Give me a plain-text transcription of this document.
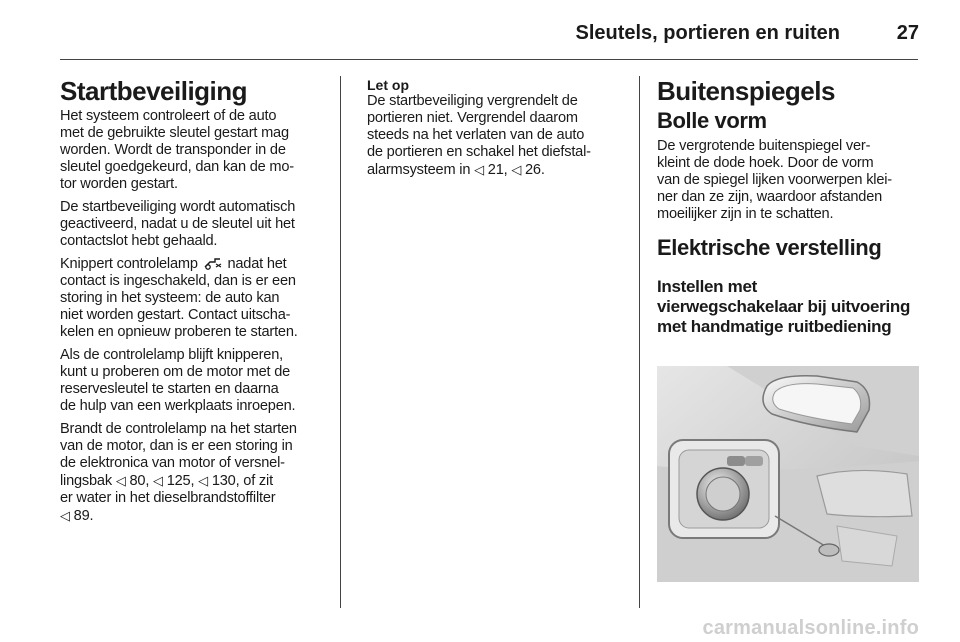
Sleutels, portieren en ruiten	27
Startbeveiliging

Het systeem controleert of de auto
met de gebruikte sleutel gestart mag
worden. Wordt de transponder in de
sleutel goedgekeurd, dan kan de mo-
tor worden gestart.

De startbeveiliging wordt automatisch
geactiveerd, nadat u de sleutel uit het
contactslot hebt gehaald.

Knippert controlelamp  nadat het
contact is ingeschakeld, dan is er een
storing in het systeem: de auto kan
niet worden gestart. Contact uitscha-
kelen en opnieuw proberen te starten.

Als de controlelamp blijft knipperen,
kunt u proberen om de motor met de
reservesleutel te starten en daarna
de hulp van een werkplaats inroepen.

Brandt de controlelamp na het starten
van de motor, dan is er een storing in
de elektronica van motor of versnel-
lingsbak ◁ 80, ◁ 125, ◁ 130, of zit
er water in het dieselbrandstoffilter
◁ 89.

Let op

De startbeveiliging vergrendelt de
portieren niet. Vergrendel daarom
steeds na het verlaten van de auto
de portieren en schakel het diefstal-
alarmsysteem in ◁ 21, ◁ 26.

Buitenspiegels
Bolle vorm

De vergrotende buitenspiegel ver-
kleint de dode hoek. Door de vorm
van de spiegel lijken voorwerpen klei-
ner dan ze zijn, waardoor afstanden
moeilijker zijn in te schatten.

Elektrische verstelling
Instellen met
vierwegschakelaar bij uitvoering
met handmatige ruitbediening
carmanualsonline.info
